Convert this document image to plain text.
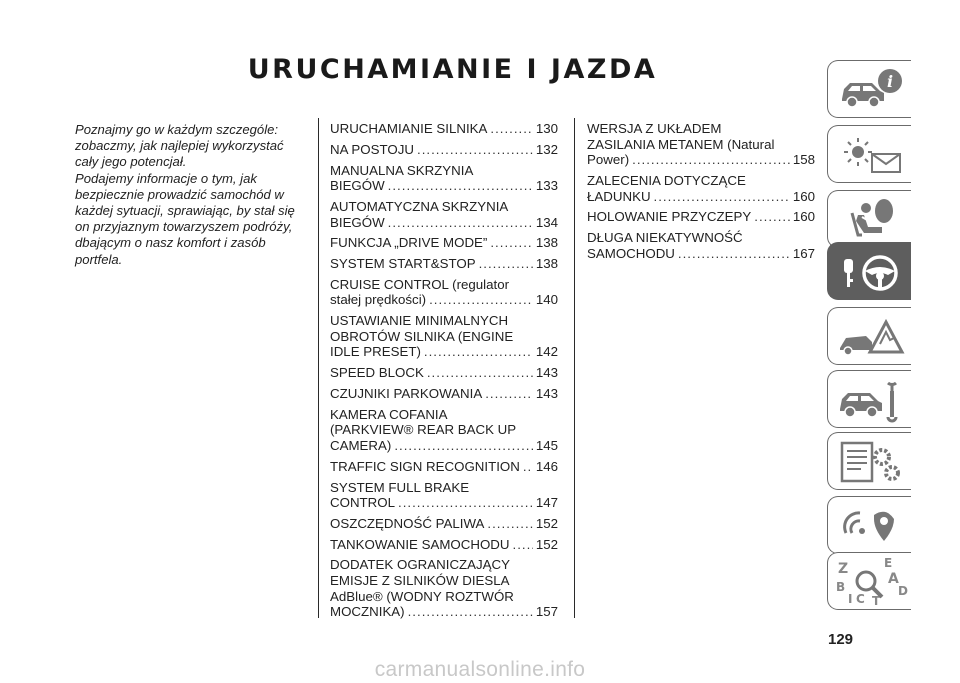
URUCHAMIANIE I JAZDA

Poznajmy go w każdym szczególe: zobaczmy, jak najlepiej wykorzystać cały jego potencjał.

Podajemy informacje o tym, jak bezpiecznie prowadzić samochód w każdej sytuacji, sprawiając, by stał się on przyjaznym towarzyszem podróży, dbającym o nasz komfort i zasób portfela.

URUCHAMIANIE SILNIKA .....	130
NA POSTOJU .....	132
MANUALNA SKRZYNIA
BIEGÓW .....	133
AUTOMATYCZNA SKRZYNIA
BIEGÓW .....	134
FUNKCJA „DRIVE MODE” .....	138
SYSTEM START&STOP .....	138
CRUISE CONTROL (regulator
stałej prędkości) .....	140
USTAWIANIE MINIMALNYCH
OBROTÓW SILNIKA (ENGINE
IDLE PRESET) .....	142
SPEED BLOCK .....	143
CZUJNIKI PARKOWANIA .....	143
KAMERA COFANIA
(PARKVIEW® REAR BACK UP
CAMERA) .....	145
TRAFFIC SIGN RECOGNITION ..... 146
SYSTEM FULL BRAKE
CONTROL .....	147
OSZCZĘDNOŚĆ PALIWA .....	152
TANKOWANIE SAMOCHODU ..... 152
DODATEK OGRANICZAJĄCY
EMISJE Z SILNIKÓW DIESLA
AdBlue® (WODNY ROZTWÓR
MOCZNIKA) .....	157
WERSJA Z UKŁADEM
ZASILANIA METANEM (Natural
Power) .....	158
ZALECENIA DOTYCZĄCE
ŁADUNKU .....	160
HOLOWANIE PRZYCZEPY .....	160
DŁUGA NIEKATYWNOŚĆ
SAMOCHODU .....	167
i
Z	E
A
B	D
I C T
129
carmanualsonline.info
